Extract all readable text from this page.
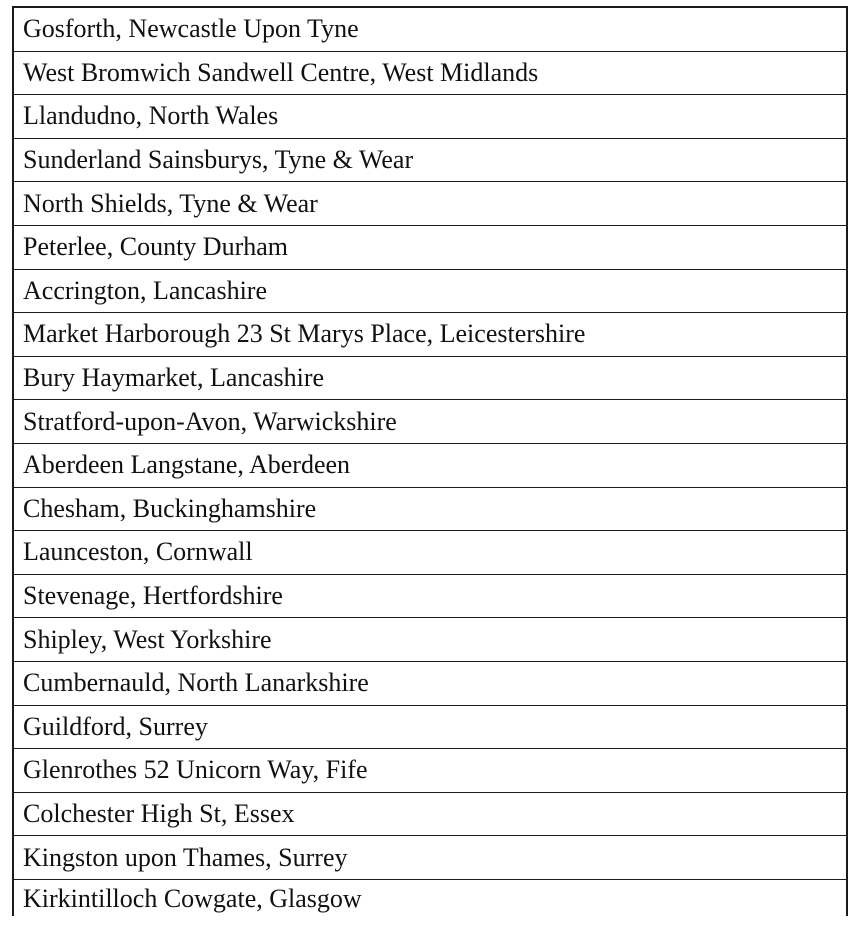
Gosforth, Newcastle Upon Tyne
West Bromwich Sandwell Centre, West Midlands
Llandudno, North Wales
Sunderland Sainsburys, Tyne & Wear
North Shields, Tyne & Wear
Peterlee, County Durham
Accrington, Lancashire
Market Harborough 23 St Marys Place, Leicestershire
Bury Haymarket, Lancashire
Stratford-upon-Avon, Warwickshire
Aberdeen Langstane, Aberdeen
Chesham, Buckinghamshire
Launceston, Cornwall
Stevenage, Hertfordshire
Shipley, West Yorkshire
Cumbernauld, North Lanarkshire
Guildford, Surrey
Glenrothes 52 Unicorn Way, Fife
Colchester High St, Essex
Kingston upon Thames, Surrey
Kirkintilloch Cowgate, Glasgow
